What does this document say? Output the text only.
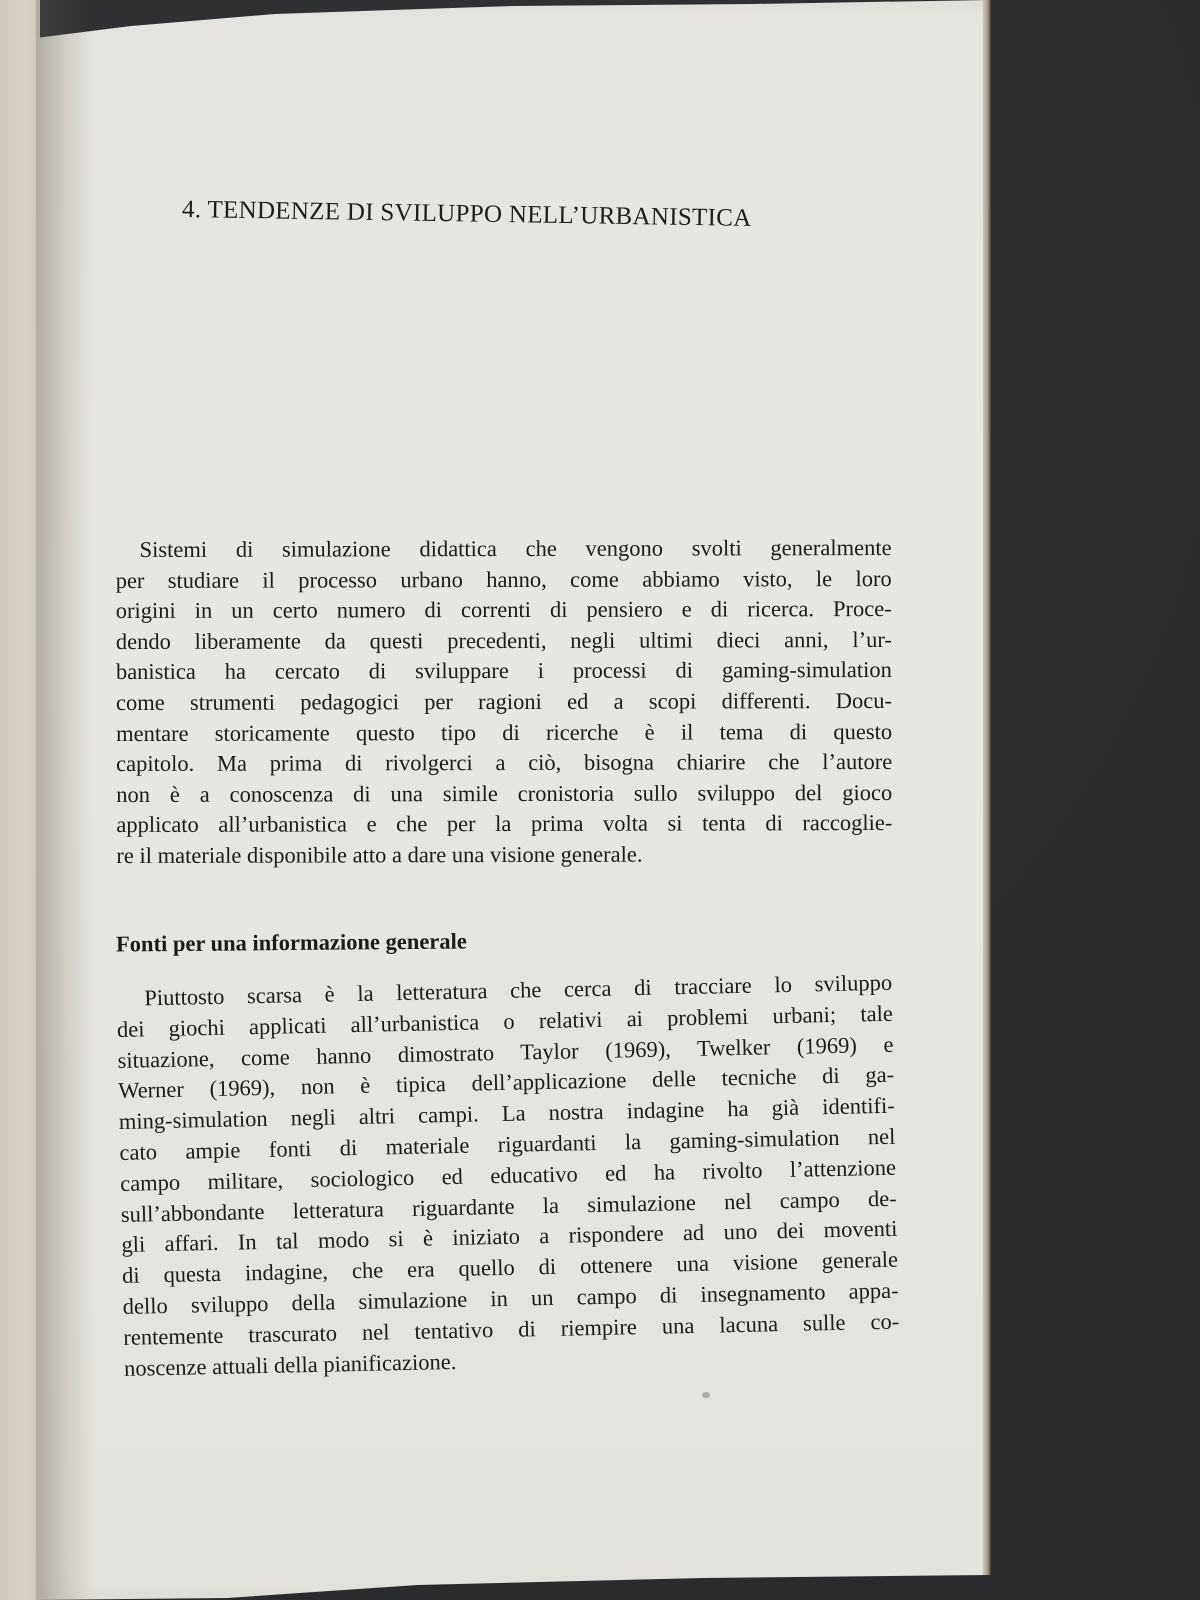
4. TENDENZE DI SVILUPPO NELL’URBANISTICA
Sistemi di simulazione didattica che vengono svolti generalmente
per studiare il processo urbano hanno, come abbiamo visto, le loro
origini in un certo numero di correnti di pensiero e di ricerca. Proce-
dendo liberamente da questi precedenti, negli ultimi dieci anni, l’ur-
banistica ha cercato di sviluppare i processi di gaming-simulation
come strumenti pedagogici per ragioni ed a scopi differenti. Docu-
mentare storicamente questo tipo di ricerche è il tema di questo
capitolo. Ma prima di rivolgerci a ciò, bisogna chiarire che l’autore
non è a conoscenza di una simile cronistoria sullo sviluppo del gioco
applicato all’urbanistica e che per la prima volta si tenta di raccoglie-
re il materiale disponibile atto a dare una visione generale.
Fonti per una informazione generale
Piuttosto scarsa è la letteratura che cerca di tracciare lo sviluppo
dei giochi applicati all’urbanistica o relativi ai problemi urbani; tale
situazione, come hanno dimostrato Taylor (1969), Twelker (1969) e
Werner (1969), non è tipica dell’applicazione delle tecniche di ga-
ming-simulation negli altri campi. La nostra indagine ha già identifi-
cato ampie fonti di materiale riguardanti la gaming-simulation nel
campo militare, sociologico ed educativo ed ha rivolto l’attenzione
sull’abbondante letteratura riguardante la simulazione nel campo de-
gli affari. In tal modo si è iniziato a rispondere ad uno dei moventi
di questa indagine, che era quello di ottenere una visione generale
dello sviluppo della simulazione in un campo di insegnamento appa-
rentemente trascurato nel tentativo di riempire una lacuna sulle co-
noscenze attuali della pianificazione.
